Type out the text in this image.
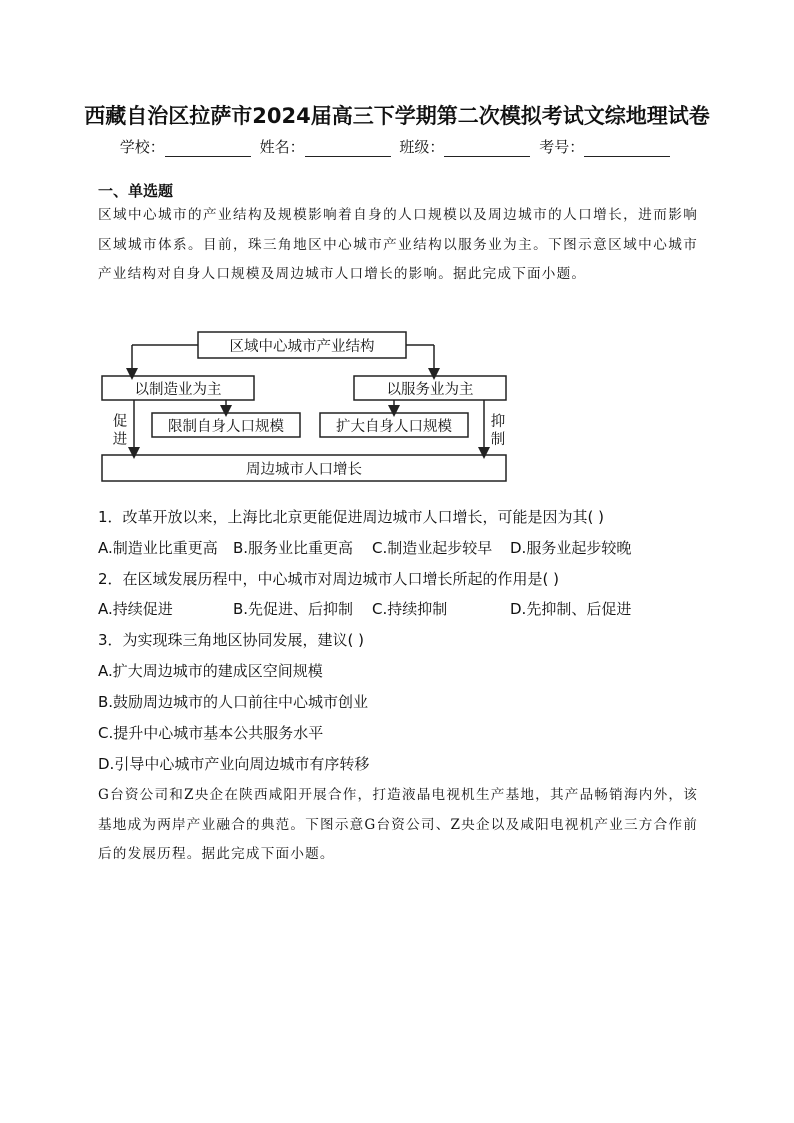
西藏自治区拉萨市2024届高三下学期第二次模拟考试文综地理试卷
学校：	姓名：	班级：	考号：
一、单选题
区域中心城市的产业结构及规模影响着自身的人口规模以及周边城市的人口增长，进而影响区域城市体系。目前，珠三角地区中心城市产业结构以服务业为主。下图示意区域中心城市产业结构对自身人口规模及周边城市人口增长的影响。据此完成下面小题。
区域中心城市产业结构
以制造业为主	以服务业为主
限制自身人口规模	扩大自身人口规模
周边城市人口增长
促
进
抑
制
1．改革开放以来，上海比北京更能促进周边城市人口增长，可能是因为其( )
A.制造业比重更高 B.服务业比重更高 C.制造业起步较早 D.服务业起步较晚
2．在区域发展历程中，中心城市对周边城市人口增长所起的作用是( )
A.持续促进	B.先促进、后抑制 C.持续抑制	D.先抑制、后促进
3．为实现珠三角地区协同发展，建议( )
A.扩大周边城市的建成区空间规模
B.鼓励周边城市的人口前往中心城市创业
C.提升中心城市基本公共服务水平
D.引导中心城市产业向周边城市有序转移
G台资公司和Z央企在陕西咸阳开展合作，打造液晶电视机生产基地，其产品畅销海内外，该基地成为两岸产业融合的典范。下图示意G台资公司、Z央企以及咸阳电视机产业三方合作前后的发展历程。据此完成下面小题。
